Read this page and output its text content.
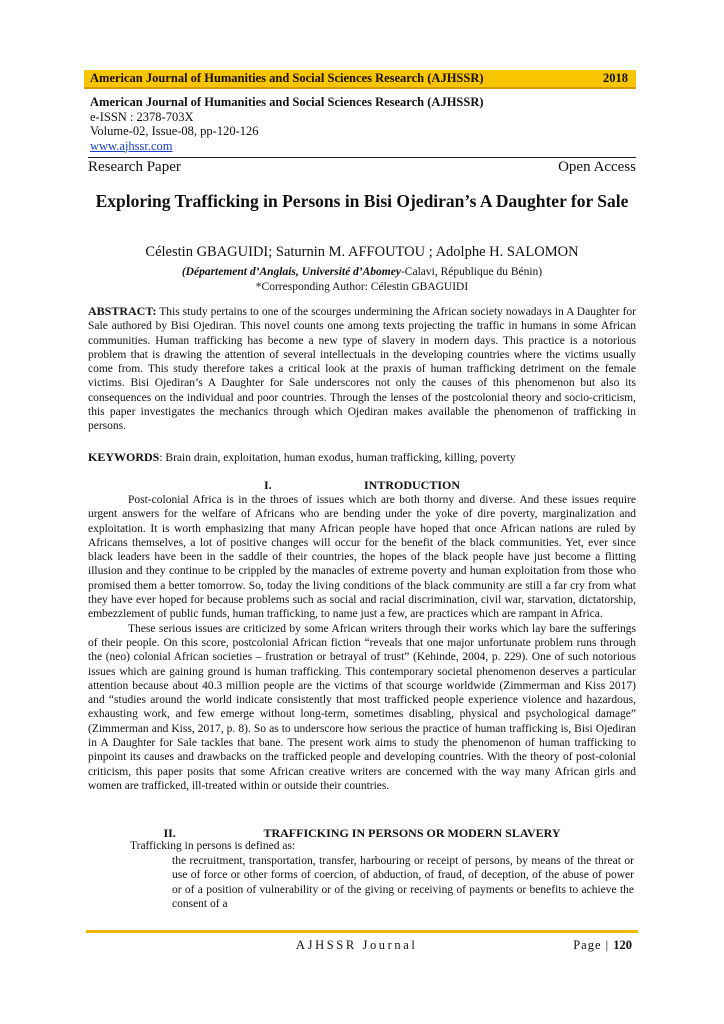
American Journal of Humanities and Social Sciences Research (AJHSSR)	2018
American Journal of Humanities and Social Sciences Research (AJHSSR)
e-ISSN : 2378-703X
Volume-02, Issue-08, pp-120-126
www.ajhssr.com
Research Paper	Open Access
Exploring Trafficking in Persons in Bisi Ojediran’s A Daughter for Sale
Célestin GBAGUIDI; Saturnin M. AFFOUTOU ; Adolphe H. SALOMON
(Département d’Anglais, Université d’Abomey-Calavi, République du Bénin)
*Corresponding Author: Célestin GBAGUIDI
ABSTRACT: This study pertains to one of the scourges undermining the African society nowadays in A Daughter for Sale authored by Bisi Ojediran. This novel counts one among texts projecting the traffic in humans in some African communities. Human trafficking has become a new type of slavery in modern days. This practice is a notorious problem that is drawing the attention of several intellectuals in the developing countries where the victims usually come from. This study therefore takes a critical look at the praxis of human trafficking detriment on the female victims. Bisi Ojediran’s A Daughter for Sale underscores not only the causes of this phenomenon but also its consequences on the individual and poor countries. Through the lenses of the postcolonial theory and socio-criticism, this paper investigates the mechanics through which Ojediran makes available the phenomenon of trafficking in persons.
KEYWORDS: Brain drain, exploitation, human exodus, human trafficking, killing, poverty
I.	INTRODUCTION

Post-colonial Africa is in the throes of issues which are both thorny and diverse. And these issues require urgent answers for the welfare of Africans who are bending under the yoke of dire poverty, marginalization and exploitation. It is worth emphasizing that many African people have hoped that once African nations are ruled by Africans themselves, a lot of positive changes will occur for the benefit of the black communities. Yet, ever since black leaders have been in the saddle of their countries, the hopes of the black people have just become a flitting illusion and they continue to be crippled by the manacles of extreme poverty and human exploitation from those who promised them a better tomorrow. So, today the living conditions of the black community are still a far cry from what they have ever hoped for because problems such as social and racial discrimination, civil war, starvation, dictatorship, embezzlement of public funds, human trafficking, to name just a few, are practices which are rampant in Africa.

These serious issues are criticized by some African writers through their works which lay bare the sufferings of their people. On this score, postcolonial African fiction “reveals that one major unfortunate problem runs through the (neo) colonial African societies – frustration or betrayal of trust” (Kehinde, 2004, p. 229). One of such notorious issues which are gaining ground is human trafficking. This contemporary societal phenomenon deserves a particular attention because about 40.3 million people are the victims of that scourge worldwide (Zimmerman and Kiss 2017) and “studies around the world indicate consistently that most trafficked people experience violence and hazardous, exhausting work, and few emerge without long-term, sometimes disabling, physical and psychological damage” (Zimmerman and Kiss, 2017, p. 8). So as to underscore how serious the practice of human trafficking is, Bisi Ojediran in A Daughter for Sale tackles that bane. The present work aims to study the phenomenon of human trafficking to pinpoint its causes and drawbacks on the trafficked people and developing countries. With the theory of post-colonial criticism, this paper posits that some African creative writers are concerned with the way many African girls and women are trafficked, ill-treated within or outside their countries.

II.	TRAFFICKING IN PERSONS OR MODERN SLAVERY
Trafficking in persons is defined as:
the recruitment, transportation, transfer, harbouring or receipt of persons, by means of the threat or use of force or other forms of coercion, of abduction, of fraud, of deception, of the abuse of power or of a position of vulnerability or of the giving or receiving of payments or benefits to achieve the consent of a
AJHSSR Journal	Page | 120
